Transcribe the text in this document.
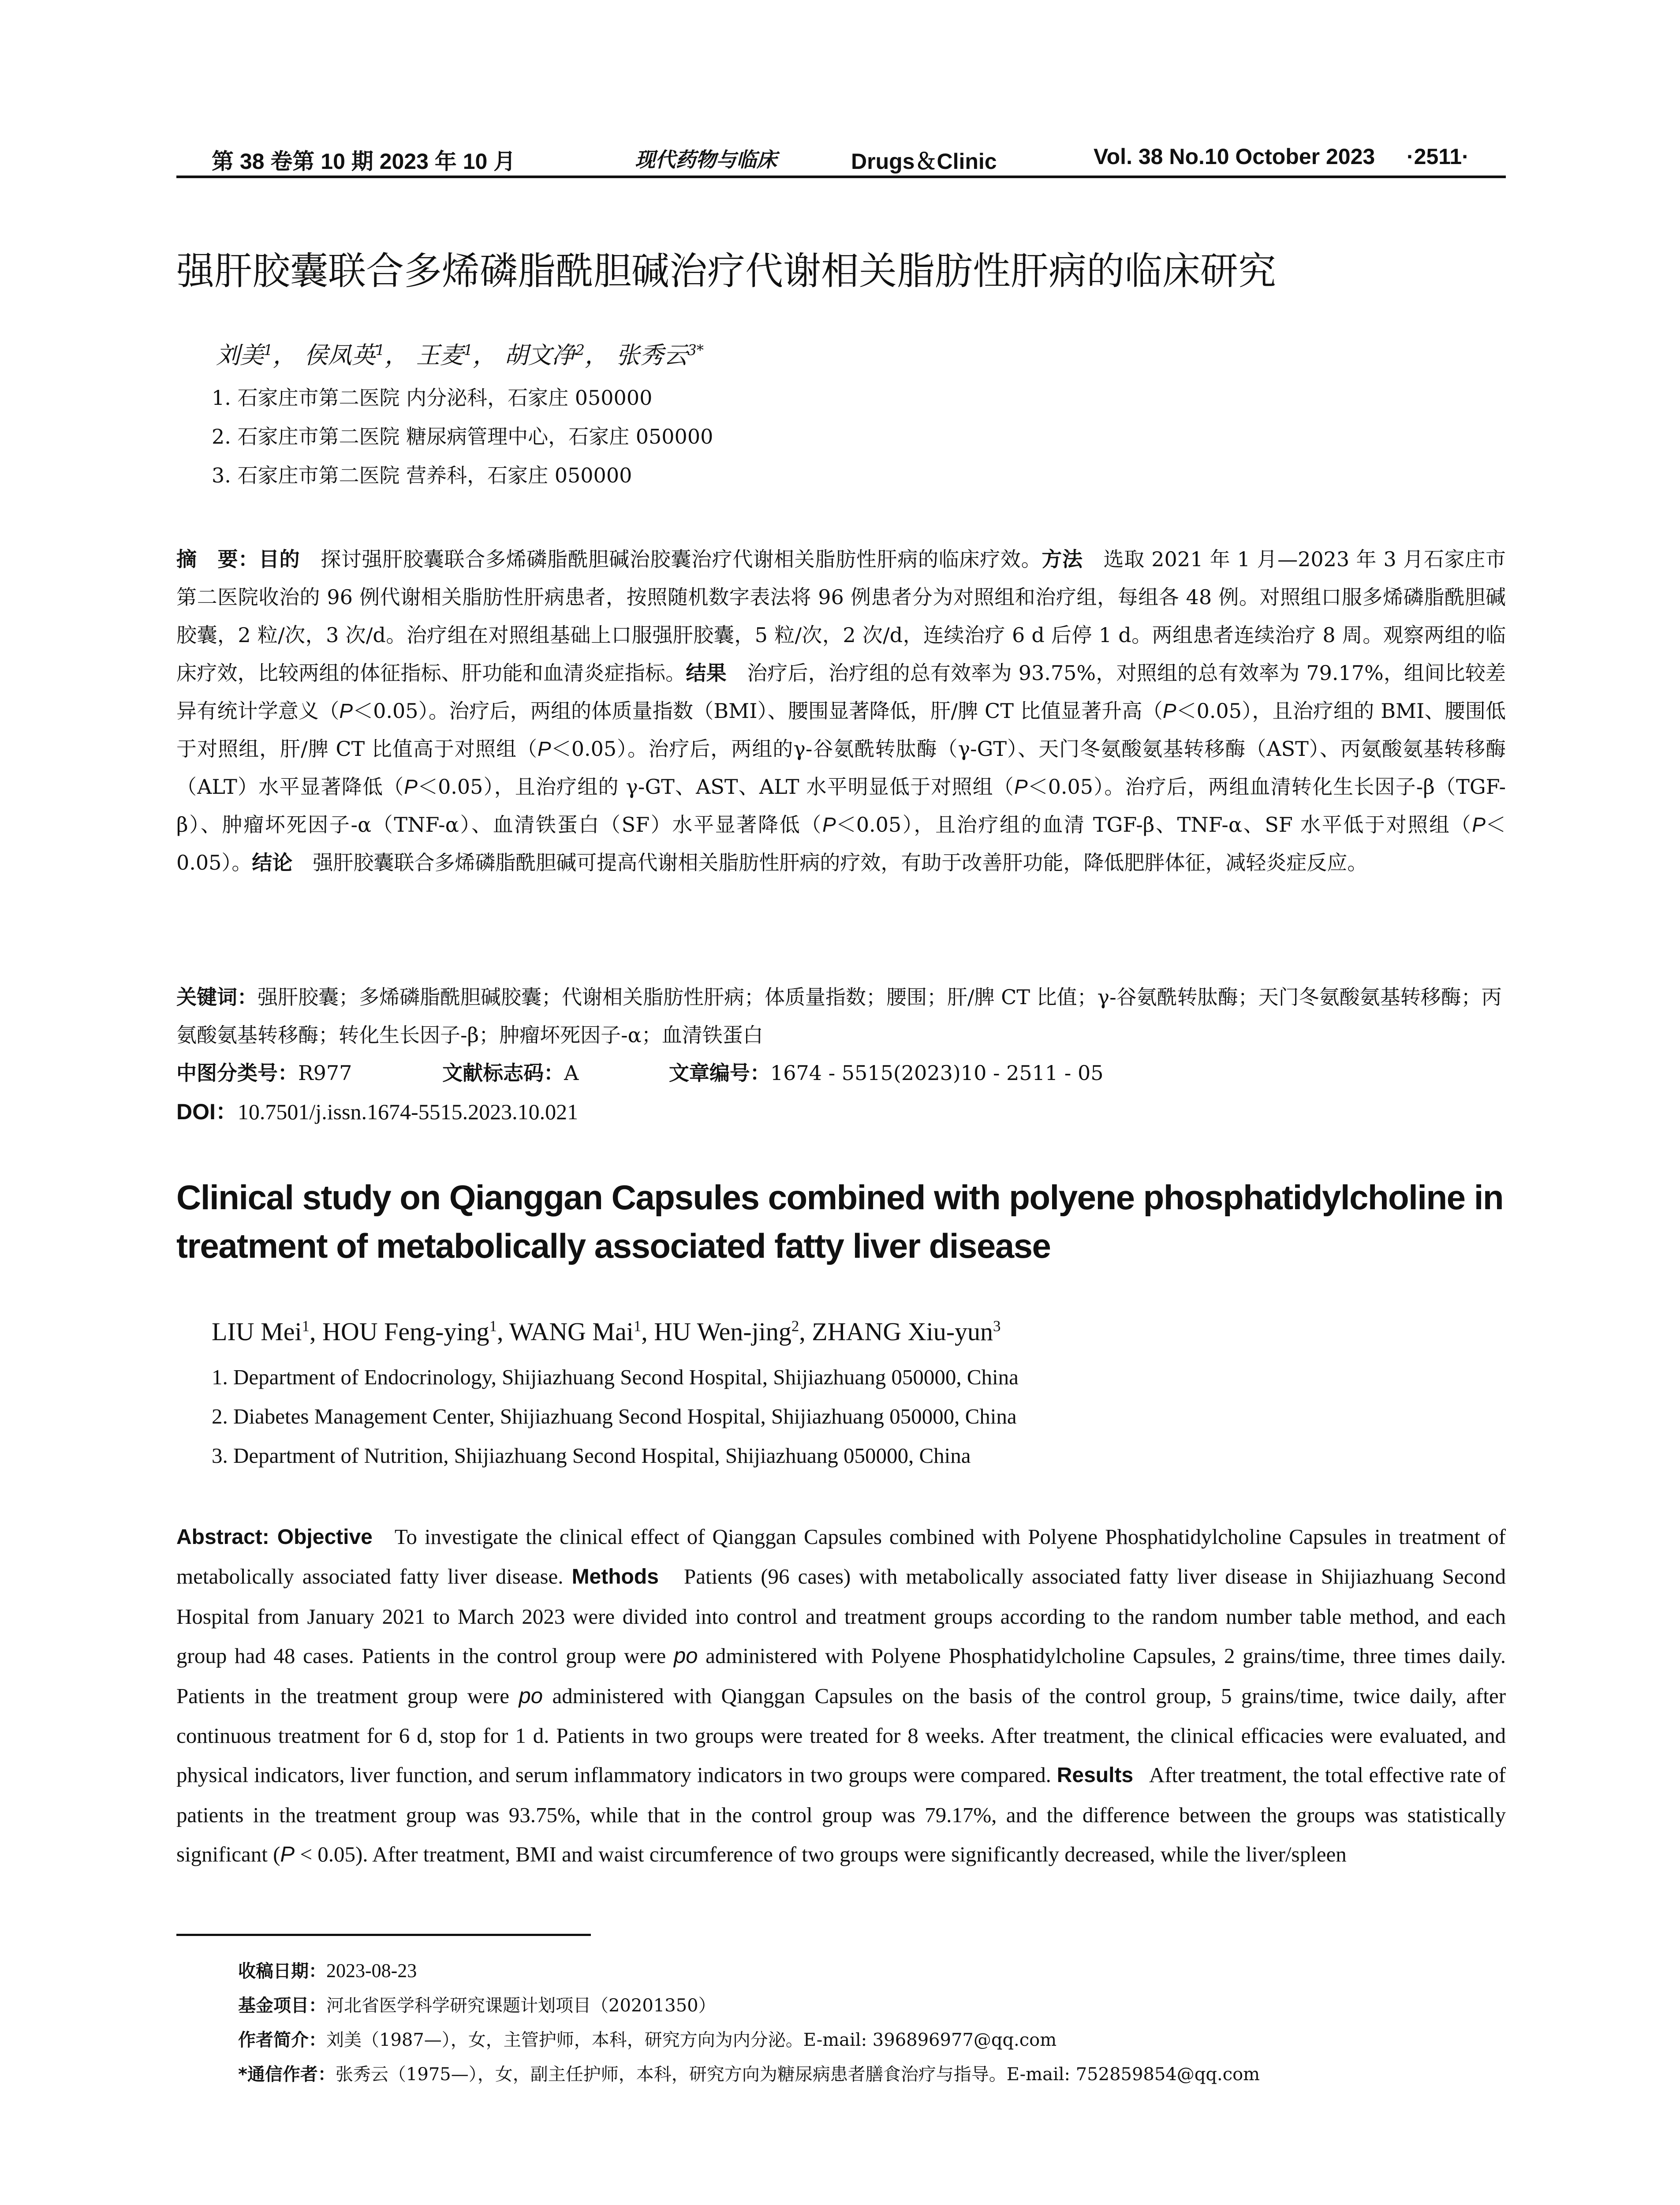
第 38 卷第 10 期 2023 年 10 月	现代药物与临床	Drugs＆Clinic	Vol. 38 No.10 October 2023 ·2511·
强肝胶囊联合多烯磷脂酰胆碱治疗代谢相关脂肪性肝病的临床研究
刘美$^1$， 侯凤英$^1$， 王麦$^1$， 胡文净$^2$， 张秀云$^{3*}$
1. 石家庄市第二医院 内分泌科，石家庄 050000
2. 石家庄市第二医院 糖尿病管理中心，石家庄 050000
3. 石家庄市第二医院 营养科，石家庄 050000
摘　要：目的　 探讨强肝胶囊联合多烯磷脂酰胆碱治胶囊治疗代谢相关脂肪性肝病的临床疗效。方法　 选取 2021 年 1 月—2023 年 3 月石家庄市第二医院收治的 96 例代谢相关脂肪性肝病患者，按照随机数字表法将 96 例患者分为对照组和治疗组，每组各 48 例。对照组口服多烯磷脂酰胆碱胶囊，2 粒/次，3 次/d。治疗组在对照组基础上口服强肝胶囊，5 粒/次，2 次/d，连续治疗 6 d 后停 1 d。两组患者连续治疗 8 周。观察两组的临床疗效，比较两组的体征指标、肝功能和血清炎症指标。结果　 治疗后，治疗组的总有效率为 93.75%，对照组的总有效率为 79.17%，组间比较差异有统计学意义（P＜0.05）。治疗后，两组的体质量指数（BMI）、腰围显著降低，肝/脾 CT 比值显著升高（P＜0.05），且治疗组的 BMI、腰围低于对照组，肝/脾 CT 比值高于对照组（P＜0.05）。治疗后，两组的γ-谷氨酰转肽酶（γ-GT）、天门冬氨酸氨基转移酶（AST）、丙氨酸氨基转移酶（ALT）水平显著降低（P＜0.05），且治疗组的 γ-GT、AST、ALT 水平明显低于对照组（P＜0.05）。治疗后，两组血清转化生长因子-β（TGF-β）、肿瘤坏死因子-α（TNF-α）、血清铁蛋白（SF）水平显著降低（P＜0.05），且治疗组的血清 TGF-β、TNF-α、SF 水平低于对照组（P＜0.05）。结论　 强肝胶囊联合多烯磷脂酰胆碱可提高代谢相关脂肪性肝病的疗效，有助于改善肝功能，降低肥胖体征，减轻炎症反应。
关键词：强肝胶囊；多烯磷脂酰胆碱胶囊；代谢相关脂肪性肝病；体质量指数；腰围；肝/脾 CT 比值；γ-谷氨酰转肽酶；天门冬氨酸氨基转移酶；丙氨酸氨基转移酶；转化生长因子-β；肿瘤坏死因子-α；血清铁蛋白
中图分类号：R977	文献标志码：A	文章编号：1674 - 5515(2023)10 - 2511 - 05
DOI：10.7501/j.issn.1674-5515.2023.10.021
Clinical study on Qianggan Capsules combined with polyene phosphatidylcholine in treatment of metabolically associated fatty liver disease
LIU Mei$^1$, HOU Feng-ying$^1$, WANG Mai$^1$, HU Wen-jing$^2$, ZHANG Xiu-yun$^3$
1. Department of Endocrinology, Shijiazhuang Second Hospital, Shijiazhuang 050000, China
2. Diabetes Management Center, Shijiazhuang Second Hospital, Shijiazhuang 050000, China
3. Department of Nutrition, Shijiazhuang Second Hospital, Shijiazhuang 050000, China
Abstract: Objective To investigate the clinical effect of Qianggan Capsules combined with Polyene Phosphatidylcholine Capsules in treatment of metabolically associated fatty liver disease. Methods Patients (96 cases) with metabolically associated fatty liver disease in Shijiazhuang Second Hospital from January 2021 to March 2023 were divided into control and treatment groups according to the random number table method, and each group had 48 cases. Patients in the control group were po administered with Polyene Phosphatidylcholine Capsules, 2 grains/time, three times daily. Patients in the treatment group were po administered with Qianggan Capsules on the basis of the control group, 5 grains/time, twice daily, after continuous treatment for 6 d, stop for 1 d. Patients in two groups were treated for 8 weeks. After treatment, the clinical efficacies were evaluated, and physical indicators, liver function, and serum inflammatory indicators in two groups were compared. Results After treatment, the total effective rate of patients in the treatment group was 93.75%, while that in the control group was 79.17%, and the difference between the groups was statistically significant (P < 0.05). After treatment, BMI and waist circumference of two groups were significantly decreased, while the liver/spleen
收稿日期：2023-08-23
基金项目：河北省医学科学研究课题计划项目（20201350）
作者简介：刘美（1987—），女，主管护师，本科，研究方向为内分泌。E-mail: 396896977@qq.com
*通信作者：张秀云（1975—），女，副主任护师，本科，研究方向为糖尿病患者膳食治疗与指导。E-mail: 752859854@qq.com
